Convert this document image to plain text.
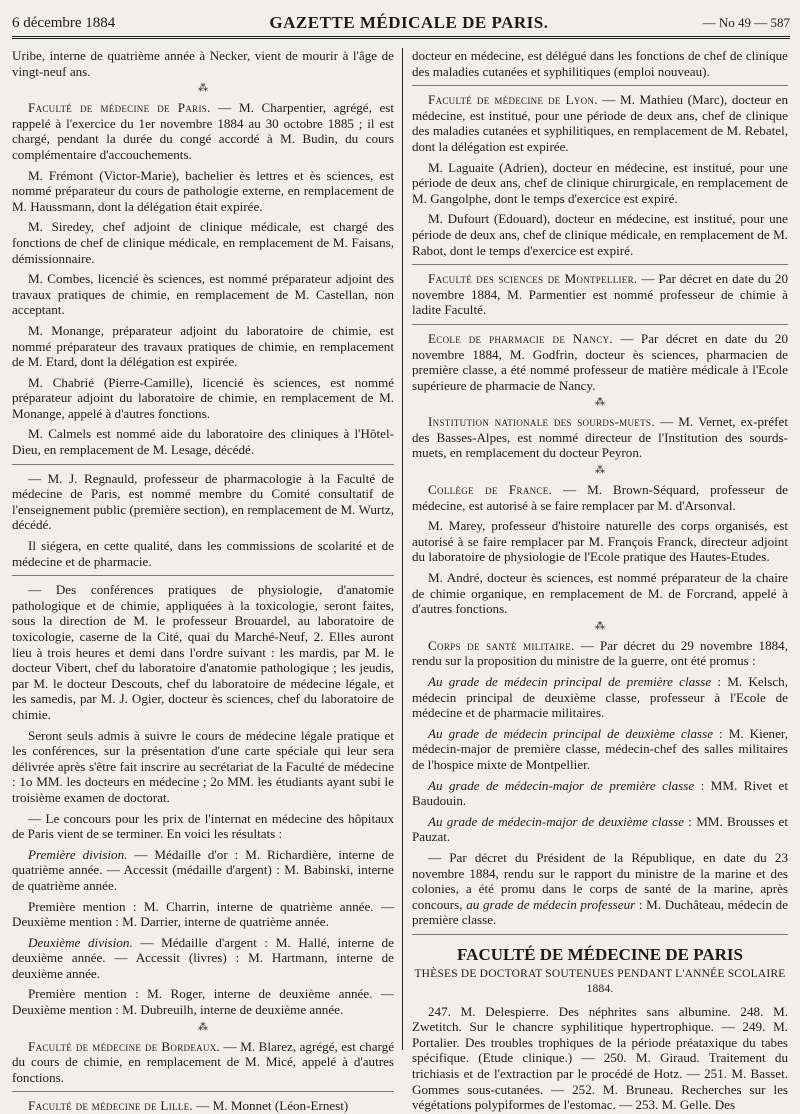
6 décembre 1884	GAZETTE MÉDICALE DE PARIS.	— No 49 — 587

Uribe, interne de quatrième année à Necker, vient de mourir à l'âge de vingt-neuf ans.

⁂

Faculté de médecine de Paris. — M. Charpentier, agrégé, est rappelé à l'exercice du 1er novembre 1884 au 30 octobre 1885 ; il est chargé, pendant la durée du congé accordé à M. Budin, du cours complémentaire d'accouchements.

M. Frémont (Victor-Marie), bachelier ès lettres et ès sciences, est nommé préparateur du cours de pathologie externe, en remplacement de M. Haussmann, dont la délégation était expirée.

M. Siredey, chef adjoint de clinique médicale, est chargé des fonctions de chef de clinique médicale, en remplacement de M. Faisans, démissionnaire.

M. Combes, licencié ès sciences, est nommé préparateur adjoint des travaux pratiques de chimie, en remplacement de M. Castellan, non acceptant.

M. Monange, préparateur adjoint du laboratoire de chimie, est nommé préparateur des travaux pratiques de chimie, en remplacement de M. Etard, dont la délégation est expirée.

M. Chabrié (Pierre-Camille), licencié ès sciences, est nommé préparateur adjoint du laboratoire de chimie, en remplacement de M. Monange, appelé à d'autres fonctions.

M. Calmels est nommé aide du laboratoire des cliniques à l'Hôtel-Dieu, en remplacement de M. Lesage, décédé.

— M. J. Regnauld, professeur de pharmacologie à la Faculté de médecine de Paris, est nommé membre du Comité consultatif de l'enseignement public (première section), en remplacement de M. Wurtz, décédé.

Il siégera, en cette qualité, dans les commissions de scolarité et de médecine et de pharmacie.

— Des conférences pratiques de physiologie, d'anatomie pathologique et de chimie, appliquées à la toxicologie, seront faites, sous la direction de M. le professeur Brouardel, au laboratoire de toxicologie, caserne de la Cité, quai du Marché-Neuf, 2. Elles auront lieu à trois heures et demi dans l'ordre suivant : les mardis, par M. le docteur Vibert, chef du laboratoire d'anatomie pathologique ; les jeudis, par M. le docteur Descouts, chef du laboratoire de médecine légale, et les samedis, par M. J. Ogier, docteur ès sciences, chef du laboratoire de chimie.

Seront seuls admis à suivre le cours de médecine légale pratique et les conférences, sur la présentation d'une carte spéciale qui leur sera délivrée après s'être fait inscrire au secrétariat de la Faculté de médecine : 1o MM. les docteurs en médecine ; 2o MM. les étudiants ayant subi le troisième examen de doctorat.

— Le concours pour les prix de l'internat en médecine des hôpitaux de Paris vient de se terminer. En voici les résultats :

Première division. — Médaille d'or : M. Richardière, interne de quatrième année. — Accessit (médaille d'argent) : M. Babinski, interne de quatrième année.

Première mention : M. Charrin, interne de quatrième année. — Deuxième mention : M. Darrier, interne de quatrième année.

Deuxième division. — Médaille d'argent : M. Hallé, interne de deuxième année. — Accessit (livres) : M. Hartmann, interne de deuxième année.

Première mention : M. Roger, interne de deuxième année. — Deuxième mention : M. Dubreuilh, interne de deuxième année.

⁂

Faculté de médecine de Bordeaux. — M. Blarez, agrégé, est chargé du cours de chimie, en remplacement de M. Micé, appelé à d'autres fonctions.

Faculté de médecine de Lille. — M. Monnet (Léon-Ernest)

docteur en médecine, est délégué dans les fonctions de chef de clinique des maladies cutanées et syphilitiques (emploi nouveau).

Faculté de médecine de Lyon. — M. Mathieu (Marc), docteur en médecine, est institué, pour une période de deux ans, chef de clinique des maladies cutanées et syphilitiques, en remplacement de M. Rebatel, dont la délégation est expirée.

M. Laguaite (Adrien), docteur en médecine, est institué, pour une période de deux ans, chef de clinique chirurgicale, en remplacement de M. Gangolphe, dont le temps d'exercice est expiré.

M. Dufourt (Edouard), docteur en médecine, est institué, pour une période de deux ans, chef de clinique médicale, en remplacement de M. Rabot, dont le temps d'exercice est expiré.

Faculté des sciences de Montpellier. — Par décret en date du 20 novembre 1884, M. Parmentier est nommé professeur de chimie à ladite Faculté.

Ecole de pharmacie de Nancy. — Par décret en date du 20 novembre 1884, M. Godfrin, docteur ès sciences, pharmacien de première classe, a été nommé professeur de matière médicale à l'Ecole supérieure de pharmacie de Nancy.

⁂

Institution nationale des sourds-muets. — M. Vernet, ex-préfet des Basses-Alpes, est nommé directeur de l'Institution des sourds-muets, en remplacement du docteur Peyron.

⁂

Collège de France. — M. Brown-Séquard, professeur de médecine, est autorisé à se faire remplacer par M. d'Arsonval.

M. Marey, professeur d'histoire naturelle des corps organisés, est autorisé à se faire remplacer par M. François Franck, directeur adjoint du laboratoire de physiologie de l'Ecole pratique des Hautes-Etudes.

M. André, docteur ès sciences, est nommé préparateur de la chaire de chimie organique, en remplacement de M. de Forcrand, appelé à d'autres fonctions.

⁂

Corps de santé militaire. — Par décret du 29 novembre 1884, rendu sur la proposition du ministre de la guerre, ont été promus :

Au grade de médecin principal de première classe : M. Kelsch, médecin principal de deuxième classe, professeur à l'Ecole de médecine et de pharmacie militaires.

Au grade de médecin principal de deuxième classe : M. Kiener, médecin-major de première classe, médecin-chef des salles militaires de l'hospice mixte de Montpellier.

Au grade de médecin-major de première classe : MM. Rivet et Baudouin.

Au grade de médecin-major de deuxième classe : MM. Brousses et Pauzat.

— Par décret du Président de la République, en date du 23 novembre 1884, rendu sur le rapport du ministre de la marine et des colonies, a été promu dans le corps de santé de la marine, après concours, au grade de médecin professeur : M. Duchâteau, médecin de première classe.

FACULTÉ DE MÉDECINE DE PARIS

THÈSES DE DOCTORAT SOUTENUES PENDANT L'ANNÉE SCOLAIRE 1884.

247. M. Delespierre. Des néphrites sans albumine. 248. M. Zwetitch. Sur le chancre syphilitique hypertrophique. — 249. M. Portalier. Des troubles trophiques de la période préataxique du tabes spécifique. (Etude clinique.) — 250. M. Giraud. Traitement du trichiasis et de l'extraction par le procédé de Hotz. — 251. M. Basset. Gommes sous-cutanées. — 252. M. Bruneau. Recherches sur les végétations polypiformes de l'estomac. — 253. M. Gelle. Des
